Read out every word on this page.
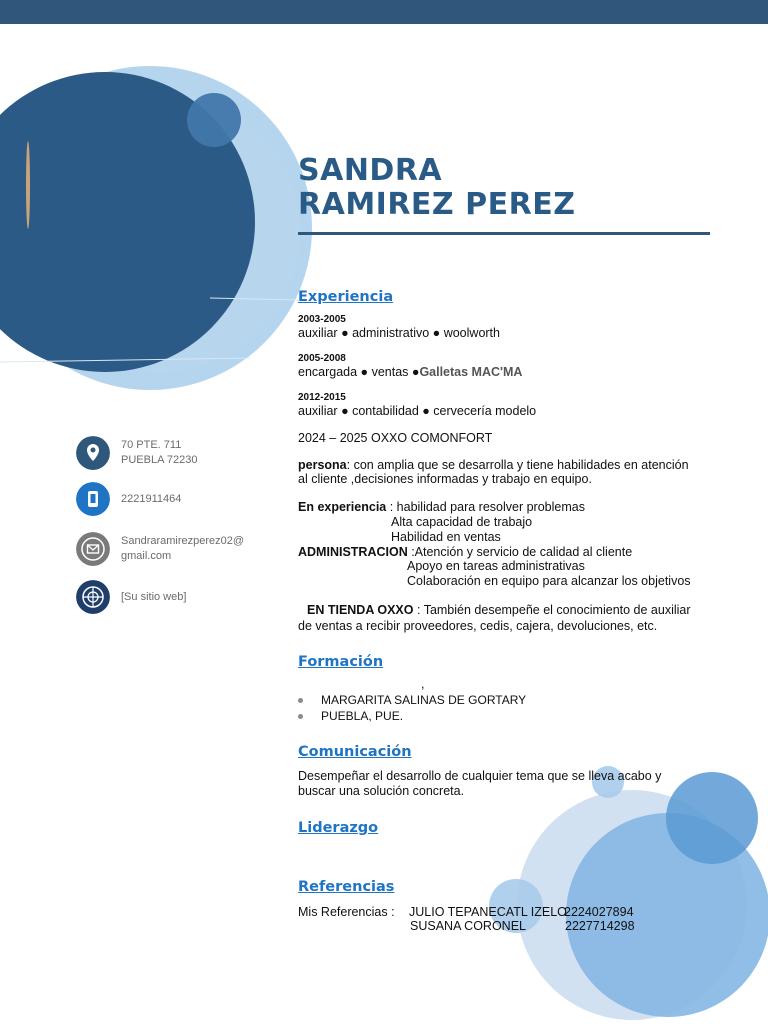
SANDRA
RAMIREZ PEREZ
70 PTE. 711
PUEBLA 72230
2221911464
Sandraramirezperez02@
gmail.com
[Su sitio web]
Experiencia
2003-2005
auxiliar ● administrativo ● woolworth
2005-2008
encargada ● ventas ●Galletas MAC'MA
2012-2015
auxiliar ● contabilidad ● cervecería modelo
2024 – 2025 OXXO COMONFORT
persona: con amplia que se desarrolla y tiene habilidades en atención
al cliente ,decisiones informadas y trabajo en equipo.
En experiencia : habilidad para resolver problemas
Alta capacidad de trabajo
Habilidad en ventas
ADMINISTRACION :Atención y servicio de calidad al cliente
Apoyo en tareas administrativas
Colaboración en equipo para alcanzar los objetivos
EN TIENDA OXXO : También desempeñe el conocimiento de auxiliar
de ventas a recibir proveedores, cedis, cajera, devoluciones, etc.
Formación
,
MARGARITA SALINAS DE GORTARY
PUEBLA, PUE.
Comunicación
Desempeñar el desarrollo de cualquier tema que se lleva acabo y
buscar una solución concreta.
Liderazgo
Referencias
Mis Referencias : JULIO TEPANECATL IZELO
2224027894
SUSANA CORONEL	2227714298
